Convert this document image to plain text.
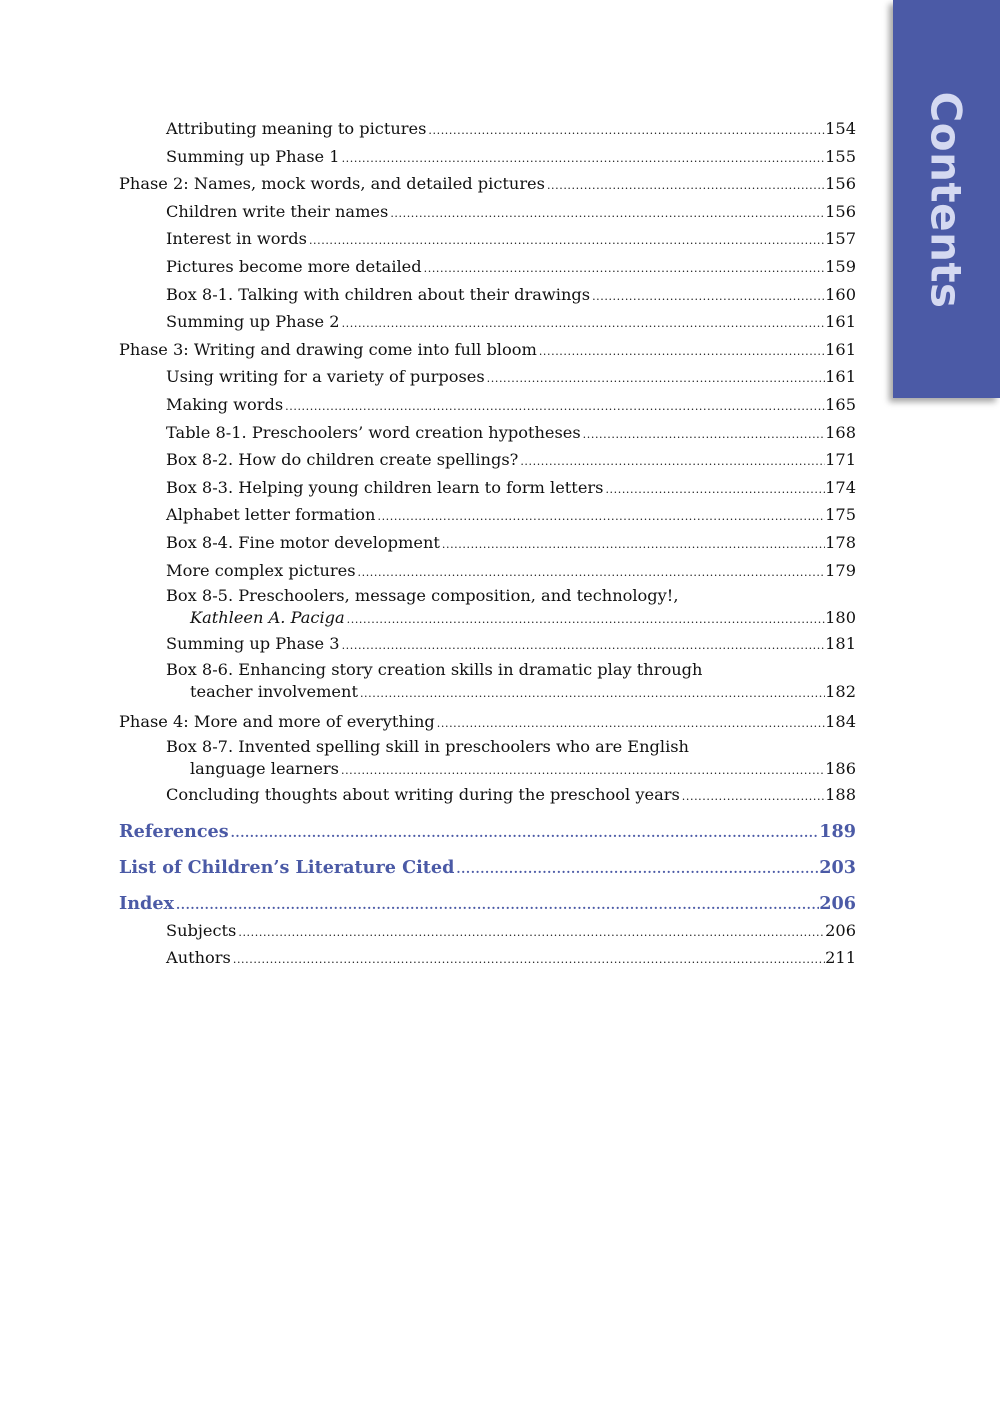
Contents
Attributing meaning to pictures .....	154
Summing up Phase 1 .....	155
Phase 2: Names, mock words, and detailed pictures .....	156
Children write their names .....	156
Interest in words .....	157
Pictures become more detailed .....	159
Box 8-1. Talking with children about their drawings .....	160
Summing up Phase 2 .....	161
Phase 3: Writing and drawing come into full bloom .....	161
Using writing for a variety of purposes .....	161
Making words .....	165
Table 8-1. Preschoolers’ word creation hypotheses .....	168
Box 8-2. How do children create spellings? .....	171
Box 8-3. Helping young children learn to form letters .....	174
Alphabet letter formation .....	175
Box 8-4. Fine motor development .....	178
More complex pictures .....	179
Box 8-5. Preschoolers, message composition, and technology!,
Kathleen A. Paciga .....	180
Summing up Phase 3 .....	181
Box 8-6. Enhancing story creation skills in dramatic play through
teacher involvement .....	182
Phase 4: More and more of everything .....	184
Box 8-7. Invented spelling skill in preschoolers who are English
language learners .....	186
Concluding thoughts about writing during the preschool years .....	188
References .....	189
List of Children’s Literature Cited .....	203
Index .....	206
Subjects .....	206
Authors .....	211
